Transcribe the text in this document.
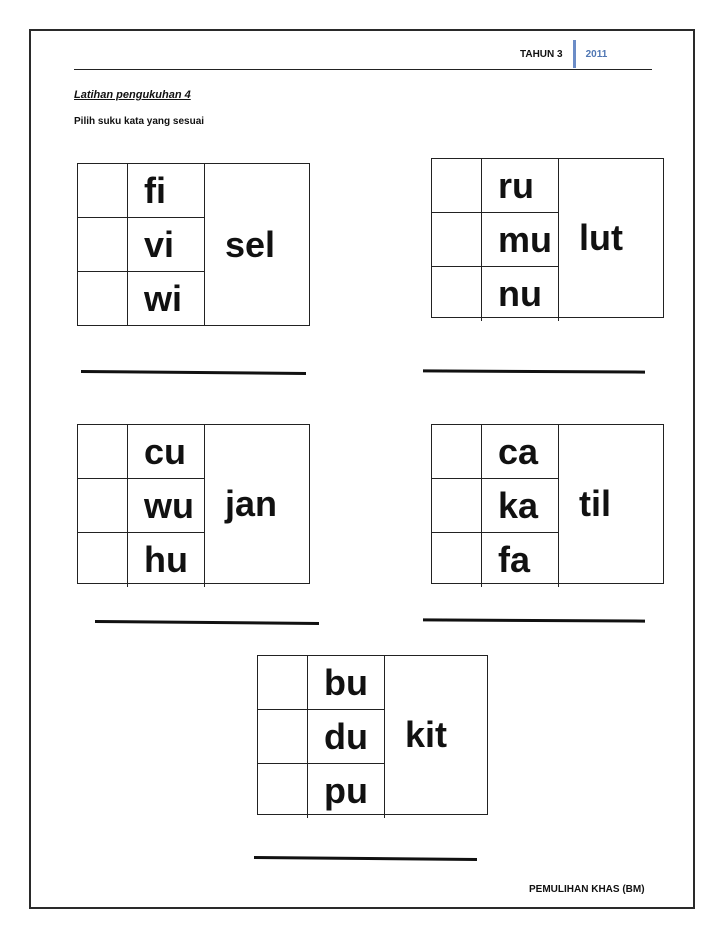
TAHUN 3	2011
Latihan pengukuhan 4
Pilih suku kata yang sesuai
fi
vi
wi
sel
ru
mu
nu
lut
cu
wu
hu
jan
ca
ka
fa
til
bu
du
pu
kit
PEMULIHAN KHAS (BM)
